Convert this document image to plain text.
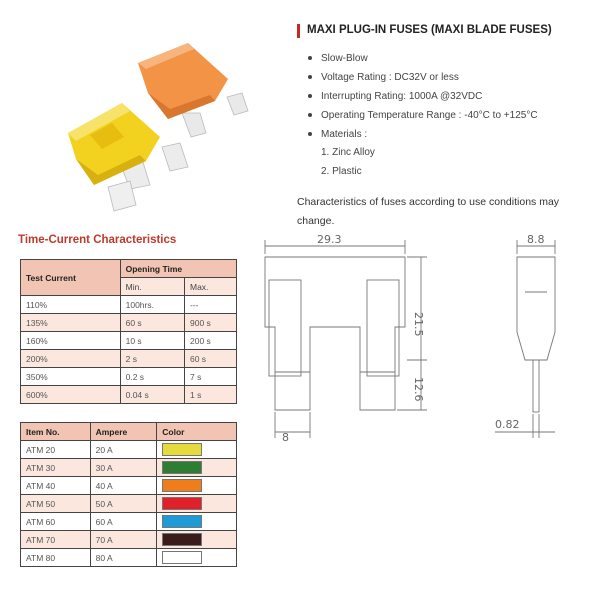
MAXI PLUG-IN FUSES (MAXI BLADE FUSES)
Slow-Blow
Voltage Rating : DC32V or less
Interrupting Rating: 1000A @32VDC
Operating Temperature Range : -40°C to +125°C
Materials :
1. Zinc Alloy
2. Plastic
Characteristics of fuses according to use conditions may change.
Time-Current Characteristics
Test Current	Opening Time	
	Min.	Max.
110%	100hrs.	---
135%	60 s	900 s
160%	10 s	200 s
200%	2 s	60 s
350%	0.2 s	7 s
600%	0.04 s	1 s
Item No.	Ampere	Color
ATM 20	20 A	
ATM 30	30 A	
ATM 40	40 A	
ATM 50	50 A	
ATM 60	60 A	
ATM 70	70 A	
ATM 80	80 A	
29.3
21.5
12.6
8
8.8
0.82
